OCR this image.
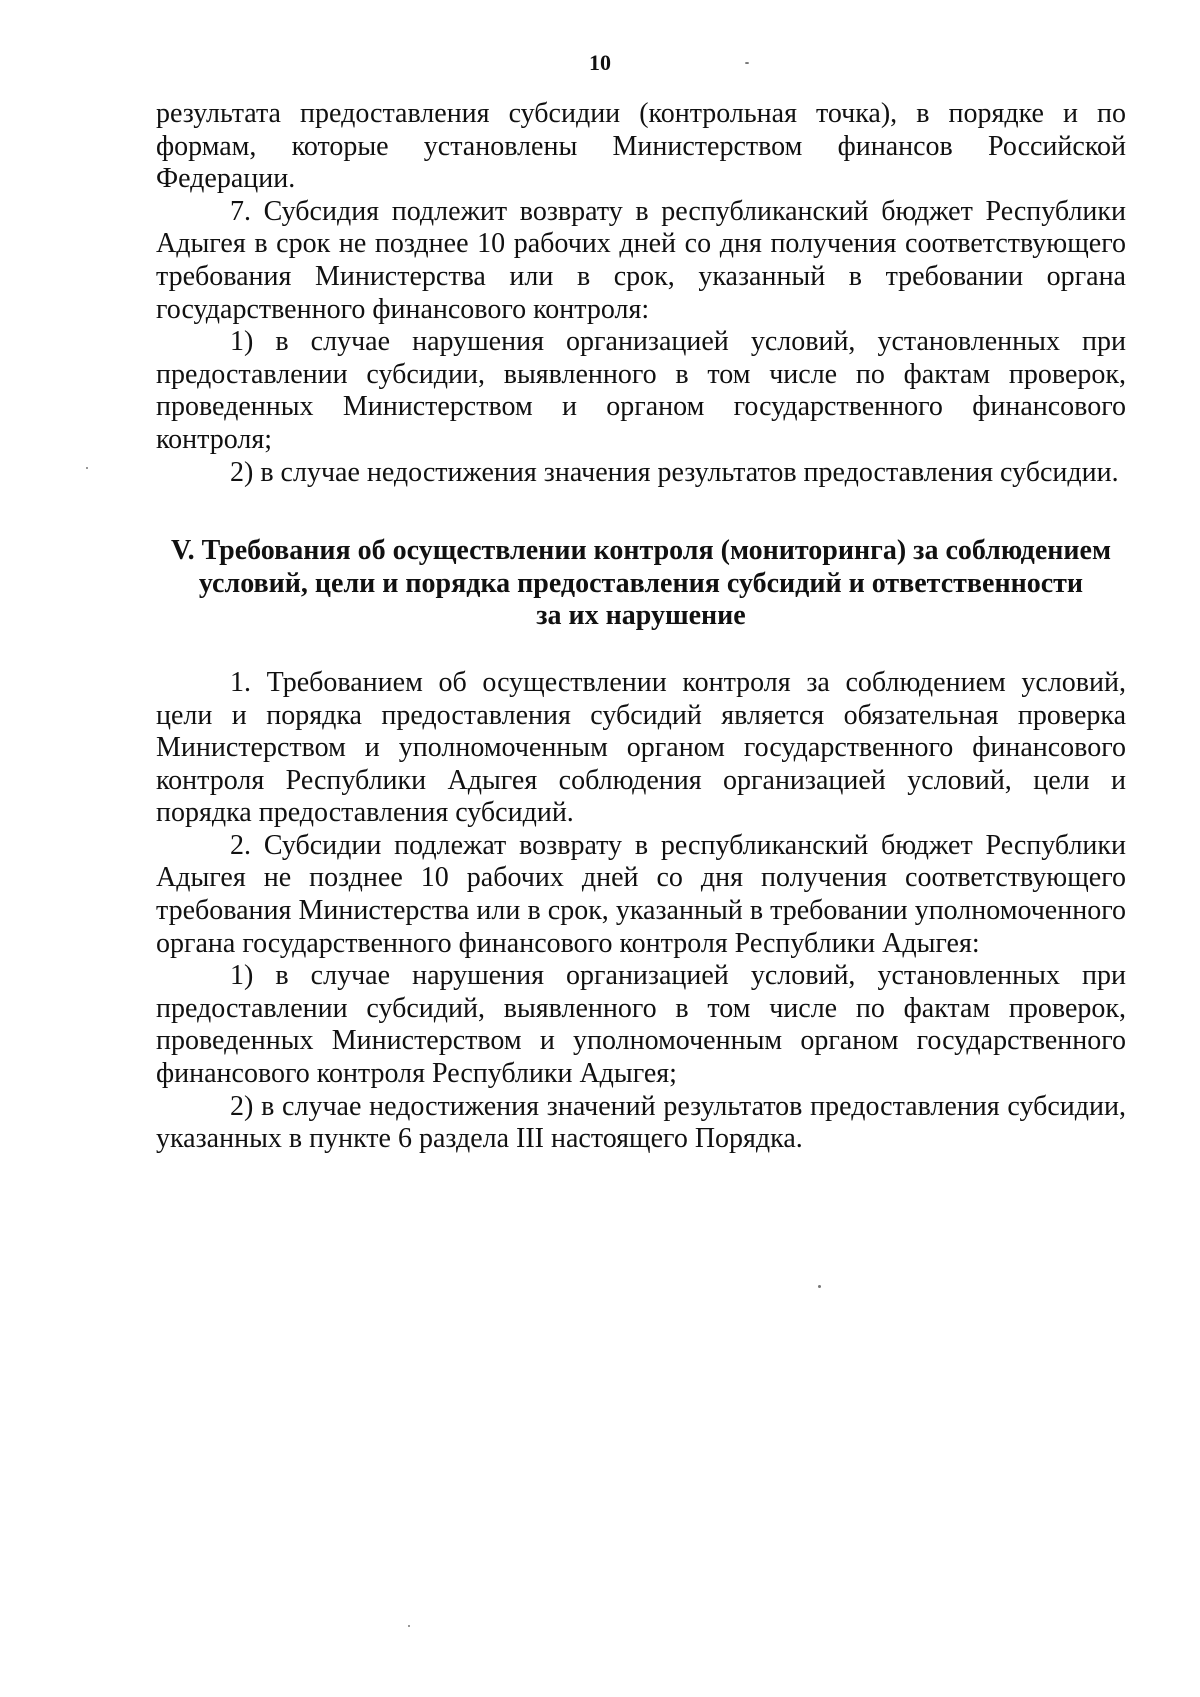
10

результата предоставления субсидии (контрольная точка), в порядке и по формам, которые установлены Министерством финансов Российской Федерации.

7. Субсидия подлежит возврату в республиканский бюджет Республики Адыгея в срок не позднее 10 рабочих дней со дня получения соответствующего требования Министерства или в срок, указанный в требовании органа государственного финансового контроля:

1) в случае нарушения организацией условий, установленных при предоставлении субсидии, выявленного в том числе по фактам проверок, проведенных Министерством и органом государственного финансового контроля;

2) в случае недостижения значения результатов предоставления субсидии.

V. Требования об осуществлении контроля (мониторинга) за соблюдением
условий, цели и порядка предоставления субсидий и ответственности
за их нарушение

1. Требованием об осуществлении контроля за соблюдением условий, цели и порядка предоставления субсидий является обязательная проверка Министерством и уполномоченным органом государственного финансового контроля Республики Адыгея соблюдения организацией условий, цели и порядка предоставления субсидий.

2. Субсидии подлежат возврату в республиканский бюджет Республики Адыгея не позднее 10 рабочих дней со дня получения соответствующего требования Министерства или в срок, указанный в требовании уполномоченного органа государственного финансового контроля Республики Адыгея:

1) в случае нарушения организацией условий, установленных при предоставлении субсидий, выявленного в том числе по фактам проверок, проведенных Министерством и уполномоченным органом государственного финансового контроля Республики Адыгея;

2) в случае недостижения значений результатов предоставления субсидии, указанных в пункте 6 раздела III настоящего Порядка.
